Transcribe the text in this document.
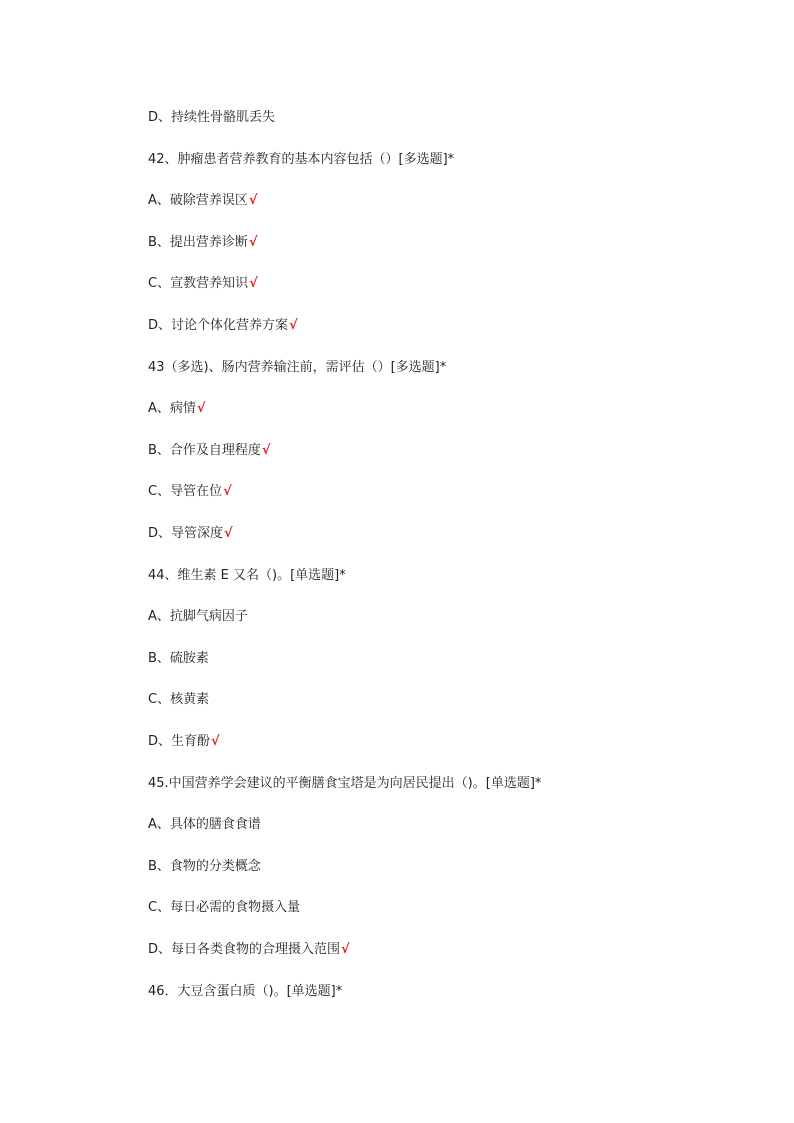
D、持续性骨骼肌丢失
42、肿瘤患者营养教育的基本内容包括（）[多选题]*
A、破除营养误区√
B、提出营养诊断√
C、宣教营养知识√
D、讨论个体化营养方案√
43（多选)、肠内营养输注前，需评估（）[多选题]*
A、病情√
B、合作及自理程度√
C、导管在位√
D、导管深度√
44、维生素 E 又名（)。[单选题]*
A、抗脚气病因子
B、硫胺素
C、核黄素
D、生育酚√
45.中国营养学会建议的平衡膳食宝塔是为向居民提出（)。[单选题]*
A、具体的膳食食谱
B、食物的分类概念
C、每日必需的食物摄入量
D、每日各类食物的合理摄入范围√
46．大豆含蛋白质（)。[单选题]*
